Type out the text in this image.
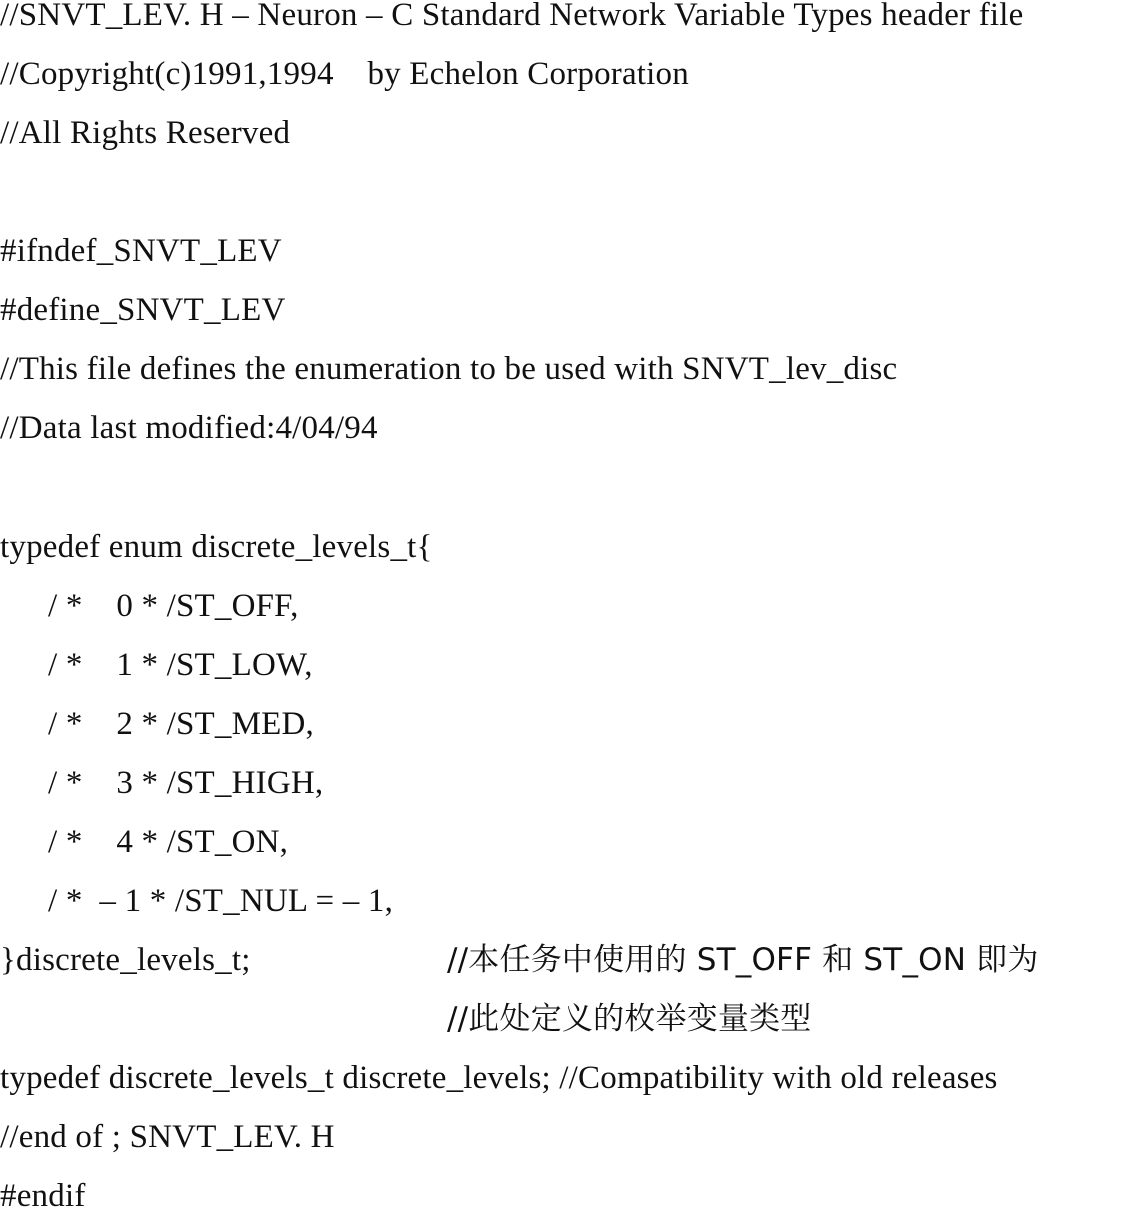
//SNVT_LEV. H – Neuron – C Standard Network Variable Types header file
//Copyright(c)1991,1994    by Echelon Corporation
//All Rights Reserved
#ifndef_SNVT_LEV
#define_SNVT_LEV
//This file defines the enumeration to be used with SNVT_lev_disc
//Data last modified:4/04/94
typedef enum discrete_levels_t{
/ *    0 * /ST_OFF,
/ *    1 * /ST_LOW,
/ *    2 * /ST_MED,
/ *    3 * /ST_HIGH,
/ *    4 * /ST_ON,
/ *  – 1 * /ST_NUL = – 1,
}discrete_levels_t;	//本任务中使用的 ST_OFF 和 ST_ON 即为
//此处定义的枚举变量类型
typedef discrete_levels_t discrete_levels; //Compatibility with old releases
//end of ; SNVT_LEV. H
#endif
